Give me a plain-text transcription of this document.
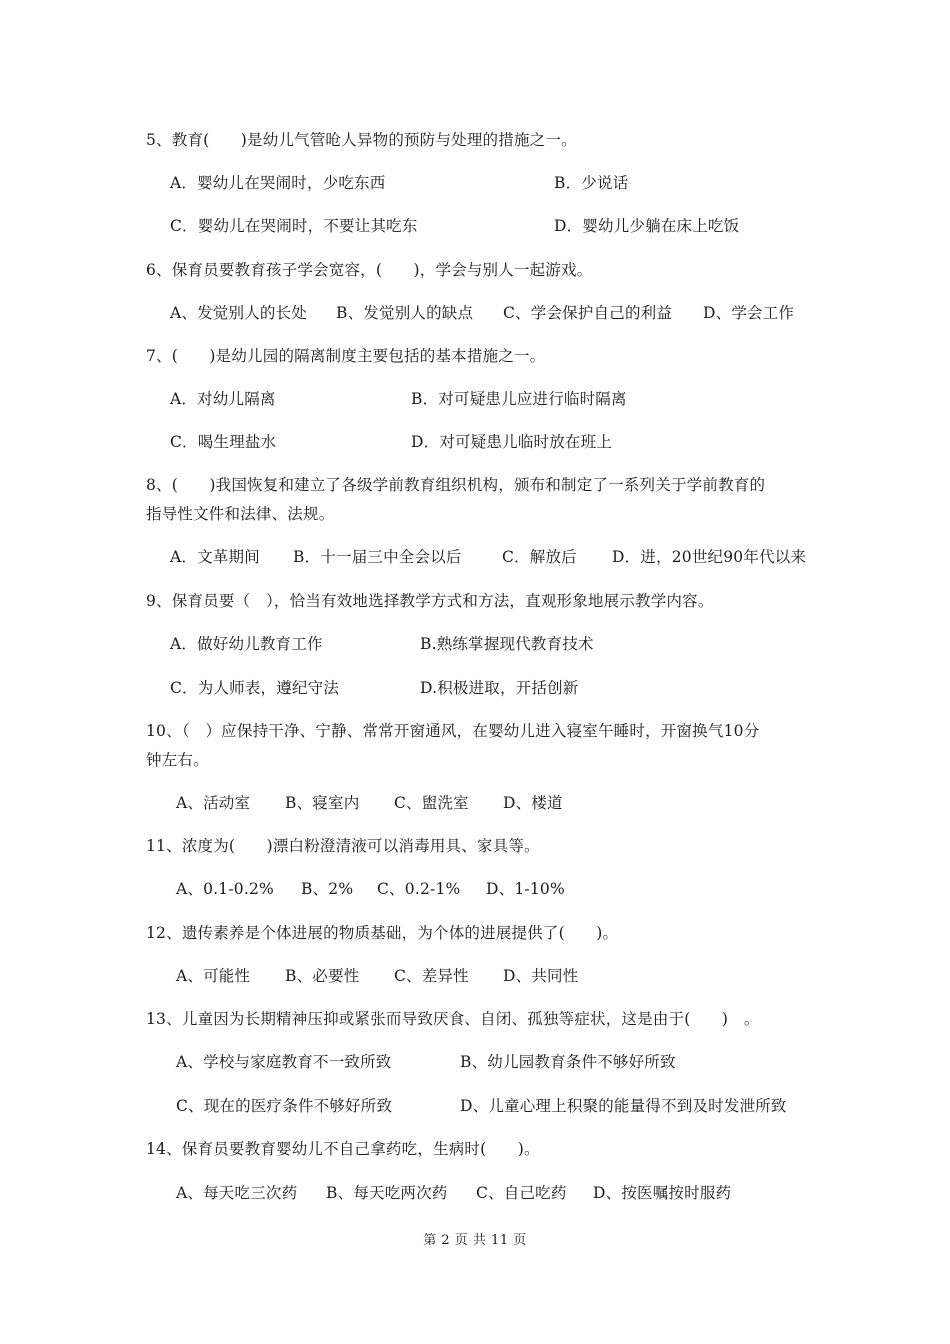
5、教育(　　)是幼儿气管呛人异物的预防与处理的措施之一。
A．婴幼儿在哭闹时，少吃东西	B．少说话
C．婴幼儿在哭闹时，不要让其吃东	D．婴幼儿少躺在床上吃饭
6、保育员要教育孩子学会宽容，(　　)，学会与别人一起游戏。
A、发觉别人的长处 B、发觉别人的缺点 C、学会保护自己的利益 D、学会工作
7、(　　)是幼儿园的隔离制度主要包括的基本措施之一。
A．对幼儿隔离	B．对可疑患儿应进行临时隔离
C．喝生理盐水	D．对可疑患儿临时放在班上
8、(　　)我国恢复和建立了各级学前教育组织机构，颁布和制定了一系列关于学前教育的
指导性文件和法律、法规。
A．文革期间 B．十一届三中全会以后	C．解放后 D．进，20世纪90年代以来
9、保育员要（　），恰当有效地选择教学方式和方法，直观形象地展示教学内容。
A．做好幼儿教育工作	B.熟练掌握现代教育技术
C．为人师表，遵纪守法	D.积极进取，开括创新
10、（　）应保持干净、宁静、常常开窗通风，在婴幼儿进入寝室午睡时，开窗换气10分
钟左右。
A、活动室 B、寝室内 C、盥洗室 D、楼道
11、浓度为(　　)漂白粉澄清液可以消毒用具、家具等。
A、0.1-0.2% B、2% C、0.2-1% D、1-10%
12、遗传素养是个体进展的物质基础，为个体的进展提供了(　　)。
A、可能性 B、必要性 C、差异性 D、共同性
13、儿童因为长期精神压抑或紧张而导致厌食、自闭、孤独等症状，这是由于(　　)　。
A、学校与家庭教育不一致所致	B、幼儿园教育条件不够好所致
C、现在的医疗条件不够好所致	D、儿童心理上积聚的能量得不到及时发泄所致
14、保育员要教育婴幼儿不自己拿药吃，生病时(　　)。
A、每天吃三次药 B、每天吃两次药 C、自己吃药 D、按医嘱按时服药
第 2 页 共 11 页
